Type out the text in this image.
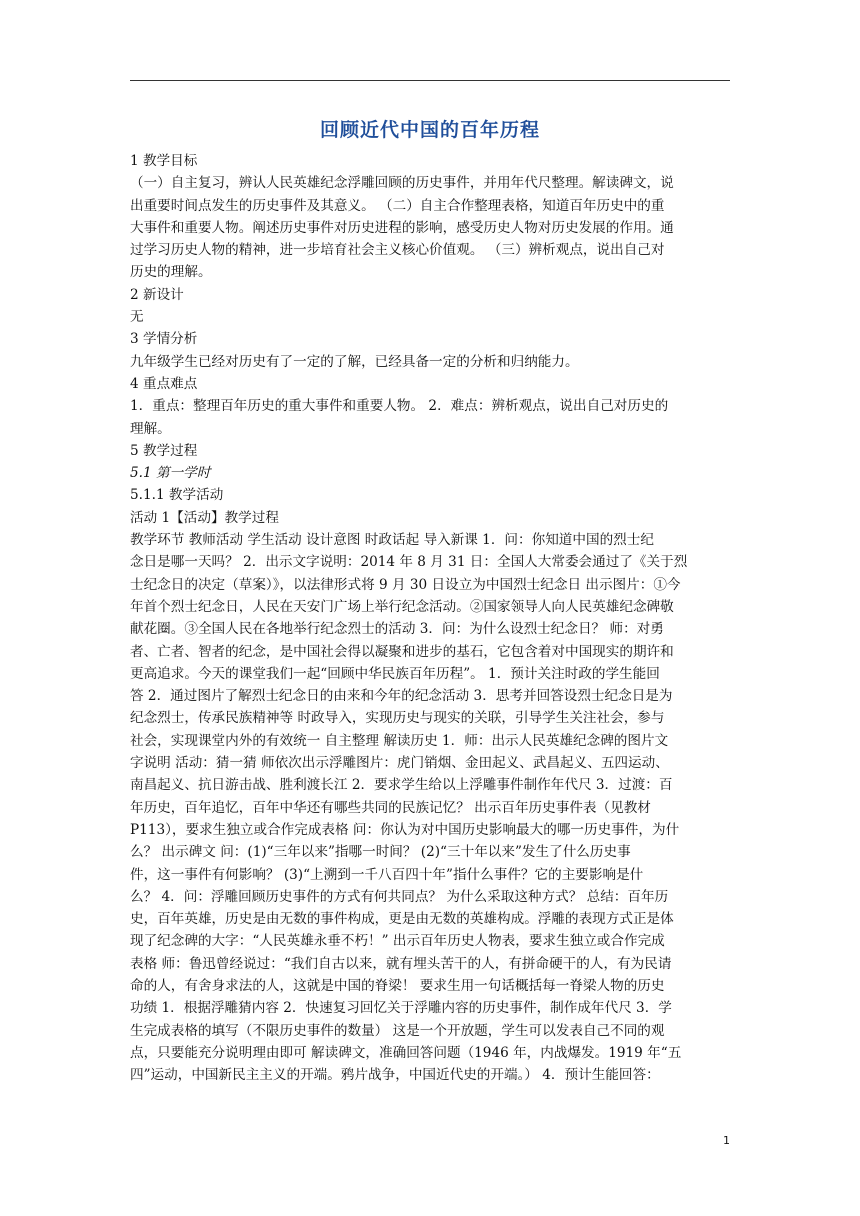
回顾近代中国的百年历程
1 教学目标
（一）自主复习，辨认人民英雄纪念浮雕回顾的历史事件，并用年代尺整理。解读碑文，说
出重要时间点发生的历史事件及其意义。 （二）自主合作整理表格，知道百年历史中的重
大事件和重要人物。阐述历史事件对历史进程的影响，感受历史人物对历史发展的作用。通
过学习历史人物的精神，进一步培育社会主义核心价值观。 （三）辨析观点，说出自己对
历史的理解。
2 新设计
无
3 学情分析
九年级学生已经对历史有了一定的了解，已经具备一定的分析和归纳能力。
4 重点难点
1．重点：整理百年历史的重大事件和重要人物。 2．难点：辨析观点，说出自己对历史的
理解。
5 教学过程
5.1 第一学时
5.1.1 教学活动
活动 1【活动】教学过程
教学环节 教师活动 学生活动 设计意图 时政话起 导入新课 1．问：你知道中国的烈士纪
念日是哪一天吗？ 2．出示文字说明：2014 年 8 月 31 日：全国人大常委会通过了《关于烈
士纪念日的决定（草案）》，以法律形式将 9 月 30 日设立为中国烈士纪念日 出示图片：①今
年首个烈士纪念日，人民在天安门广场上举行纪念活动。②国家领导人向人民英雄纪念碑敬
献花圈。③全国人民在各地举行纪念烈士的活动 3．问：为什么设烈士纪念日？ 师：对勇
者、亡者、智者的纪念，是中国社会得以凝聚和进步的基石，它包含着对中国现实的期许和
更高追求。今天的课堂我们一起“回顾中华民族百年历程”。 1．预计关注时政的学生能回
答 2．通过图片了解烈士纪念日的由来和今年的纪念活动 3．思考并回答设烈士纪念日是为
纪念烈士，传承民族精神等 时政导入，实现历史与现实的关联，引导学生关注社会，参与
社会，实现课堂内外的有效统一 自主整理 解读历史 1．师：出示人民英雄纪念碑的图片文
字说明 活动：猜一猜 师依次出示浮雕图片：虎门销烟、金田起义、武昌起义、五四运动、
南昌起义、抗日游击战、胜利渡长江 2．要求学生给以上浮雕事件制作年代尺 3．过渡：百
年历史，百年追忆，百年中华还有哪些共同的民族记忆？ 出示百年历史事件表（见教材
P113），要求生独立或合作完成表格 问：你认为对中国历史影响最大的哪一历史事件，为什
么？ 出示碑文 问：(1)“三年以来”指哪一时间？ (2)“三十年以来”发生了什么历史事
件，这一事件有何影响？ (3)“上溯到一千八百四十年”指什么事件？它的主要影响是什
么？ 4．问：浮雕回顾历史事件的方式有何共同点？ 为什么采取这种方式？ 总结：百年历
史，百年英雄，历史是由无数的事件构成，更是由无数的英雄构成。浮雕的表现方式正是体
现了纪念碑的大字：“人民英雄永垂不朽！” 出示百年历史人物表，要求生独立或合作完成
表格 师：鲁迅曾经说过：“我们自古以来，就有埋头苦干的人，有拼命硬干的人，有为民请
命的人，有舍身求法的人，这就是中国的脊梁！ 要求生用一句话概括每一脊梁人物的历史
功绩 1．根据浮雕猜内容 2．快速复习回忆关于浮雕内容的历史事件，制作成年代尺 3．学
生完成表格的填写（不限历史事件的数量） 这是一个开放题，学生可以发表自己不同的观
点，只要能充分说明理由即可 解读碑文，准确回答问题（1946 年，内战爆发。1919 年“五
四”运动，中国新民主主义的开端。鸦片战争，中国近代史的开端。） 4．预计生能回答：
1
